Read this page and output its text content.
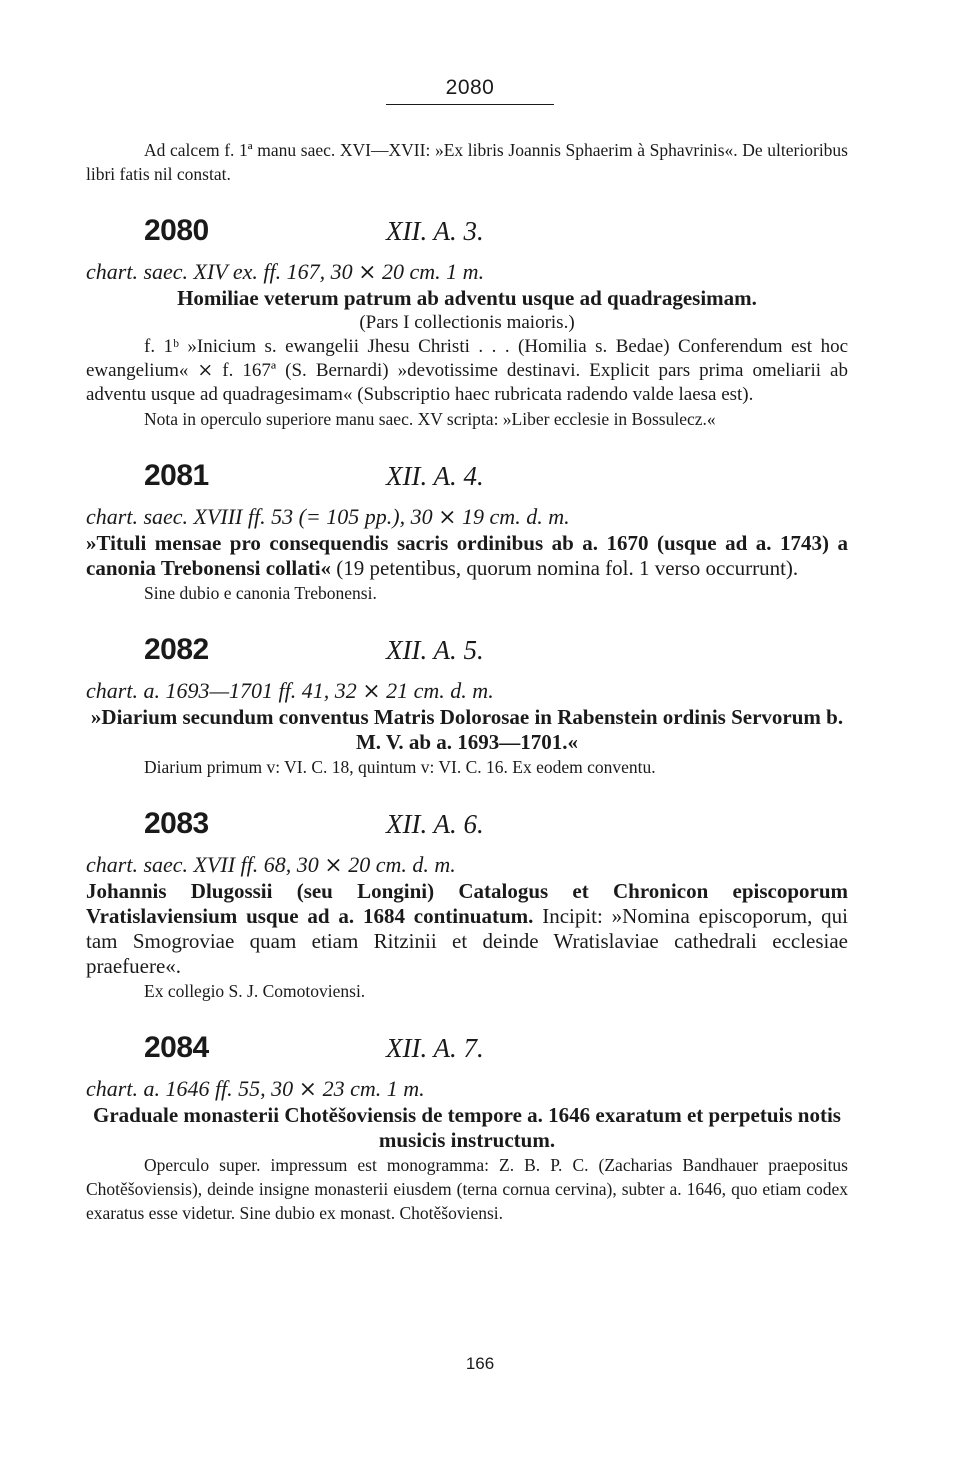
2080

Ad calcem f. 1ª manu saec. XVI—XVII: »Ex libris Joannis Sphaerim à Sphavrinis«. De ulterioribus libri fatis nil constat.

2080	XII. A. 3.

chart. saec. XIV ex. ff. 167, 30 ⨯ 20 cm. 1 m.

Homiliae veterum patrum ab adventu usque ad quadragesimam.

(Pars I collectionis maioris.)

f. 1ᵇ »Inicium s. ewangelii Jhesu Christi . . . (Homilia s. Bedae) Conferendum est hoc ewangelium« ⨯ f. 167ª (S. Bernardi) »devotissime destinavi. Explicit pars prima omeliarii ab adventu usque ad quadragesimam« (Subscriptio haec rubricata radendo valde laesa est).

Nota in operculo superiore manu saec. XV scripta: »Liber ecclesie in Bossulecz.«

2081	XII. A. 4.

chart. saec. XVIII ff. 53 (= 105 pp.), 30 ⨯ 19 cm. d. m.

»Tituli mensae pro consequendis sacris ordinibus ab a. 1670 (usque ad a. 1743) a canonia Trebonensi collati« (19 petentibus, quorum nomina fol. 1 verso occurrunt).

Sine dubio e canonia Trebonensi.

2082	XII. A. 5.

chart. a. 1693—1701 ff. 41, 32 ⨯ 21 cm. d. m.

»Diarium secundum conventus Matris Dolorosae in Rabenstein ordinis Servorum b. M. V. ab a. 1693—1701.«

Diarium primum v: VI. C. 18, quintum v: VI. C. 16. Ex eodem conventu.

2083	XII. A. 6.

chart. saec. XVII ff. 68, 30 ⨯ 20 cm. d. m.

Johannis Dlugossii (seu Longini) Catalogus et Chronicon episcoporum Vratislaviensium usque ad a. 1684 continuatum. Incipit: »Nomina episcoporum, qui tam Smogroviae quam etiam Ritzinii et deinde Wratislaviae cathedrali ecclesiae praefuere«.

Ex collegio S. J. Comotoviensi.

2084	XII. A. 7.

chart. a. 1646 ff. 55, 30 ⨯ 23 cm. 1 m.

Graduale monasterii Chotěšoviensis de tempore a. 1646 exaratum et perpetuis notis musicis instructum.

Operculo super. impressum est monogramma: Z. B. P. C. (Zacharias Bandhauer praepositus Chotěšoviensis), deinde insigne monasterii eiusdem (terna cornua cervina), subter a. 1646, quo etiam codex exaratus esse videtur. Sine dubio ex monast. Chotěšoviensi.

166
